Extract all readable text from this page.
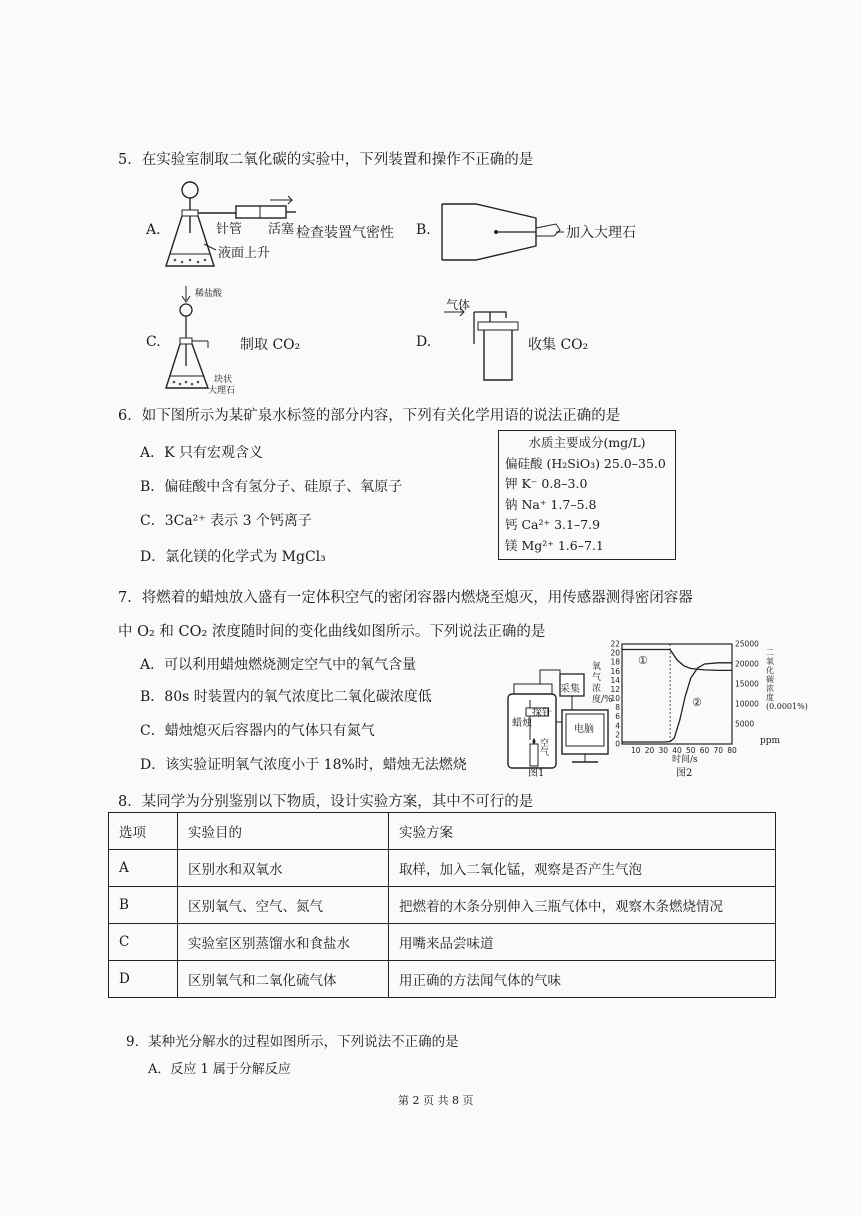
5．在实验室制取二氧化碳的实验中，下列装置和操作不正确的是
A.	针管 活塞 检查装置气密性
液面上升
B.	加入大理石
C.
稀盐酸
制取 CO₂
块状
大理石
D.
气体
收集 CO₂
6．如下图所示为某矿泉水标签的部分内容，下列有关化学用语的说法正确的是
A．K 只有宏观含义
B．偏硅酸中含有氢分子、硅原子、氧原子
C．3Ca²⁺ 表示 3 个钙离子
D．氯化镁的化学式为 MgCl₃
水质主要成分(mg/L)
偏硅酸 (H₂SiO₃) 25.0–35.0
钾 K⁻ 0.8–3.0
钠 Na⁺ 1.7–5.8
钙 Ca²⁺ 3.1–7.9
镁 Mg²⁺ 1.6–7.1
7．将燃着的蜡烛放入盛有一定体积空气的密闭容器内燃烧至熄灭，用传感器测得密闭容器
中 O₂ 和 CO₂ 浓度随时间的变化曲线如图所示。下列说法正确的是
A．可以利用蜡烛燃烧测定空气中的氧气含量
B．80s 时装置内的氧气浓度比二氧化碳浓度低
C．蜡烛熄灭后容器内的气体只有氮气
D．该实验证明氧气浓度小于 18%时，蜡烛无法燃烧
采集
探针
蜡烛
空气
电脑
图1
22
20
18
16
14
12
10
8
6
4
2
0
25000
20000
15000
10000
5000
10 20 30 40 50 60 70 80
①
②
氧气浓度/%
二氧化碳浓度(0.0001%)
ppm
时间/s
图2
8．某同学为分别鉴别以下物质，设计实验方案，其中不可行的是
选项	实验目的	实验方案
A	区别水和双氧水	取样，加入二氧化锰，观察是否产生气泡
B	区别氧气、空气、氮气	把燃着的木条分别伸入三瓶气体中，观察木条燃烧情况
C	实验室区别蒸馏水和食盐水	用嘴来品尝味道
D	区别氧气和二氧化硫气体	用正确的方法闻气体的气味
9．某种光分解水的过程如图所示，下列说法不正确的是
A．反应 1 属于分解反应
第 2 页 共 8 页
